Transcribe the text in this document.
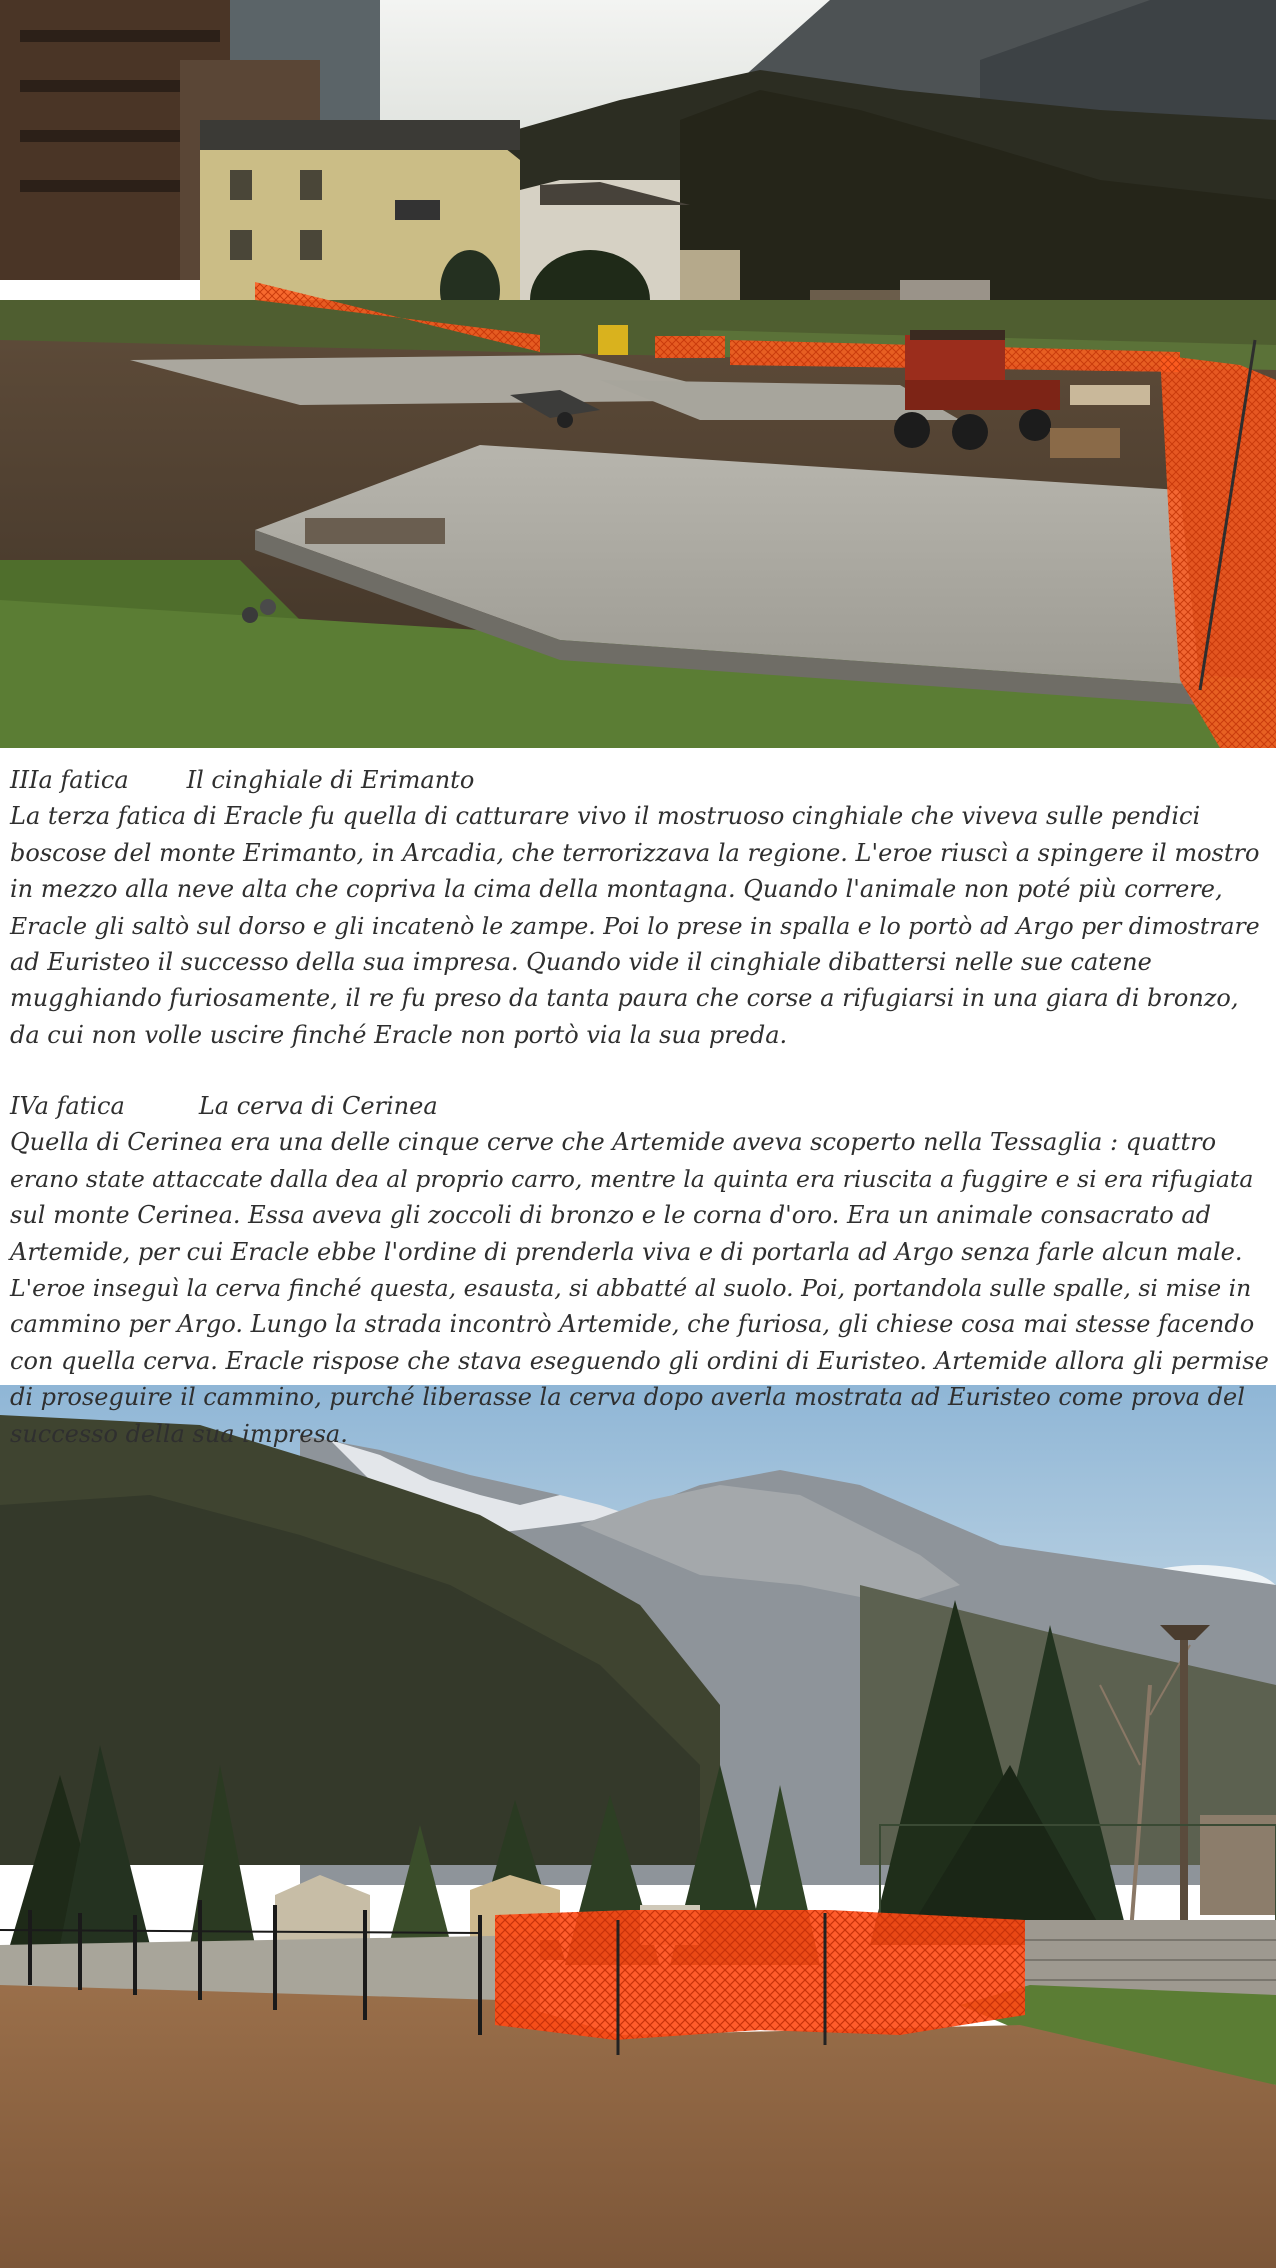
IIIa fatica Il cinghiale di Erimanto

La terza fatica di Eracle fu quella di catturare vivo il mostruoso cinghiale che viveva sulle pendici

boscose del monte Erimanto, in Arcadia, che terrorizzava la regione. L'eroe riuscì a spingere il mostro

in mezzo alla neve alta che copriva la cima della montagna. Quando l'animale non poté più correre,

Eracle gli saltò sul dorso e gli incatenò le zampe. Poi lo prese in spalla e lo portò ad Argo per dimostrare

ad Euristeo il successo della sua impresa. Quando vide il cinghiale dibattersi nelle sue catene

mugghiando furiosamente, il re fu preso da tanta paura che corse a rifugiarsi in una giara di bronzo,

da cui non volle uscire finché Eracle non portò via la sua preda.

IVa fatica	La cerva di Cerinea

Quella di Cerinea era una delle cinque cerve che Artemide aveva scoperto nella Tessaglia : quattro

erano state attaccate dalla dea al proprio carro, mentre la quinta era riuscita a fuggire e si era rifugiata

sul monte Cerinea. Essa aveva gli zoccoli di bronzo e le corna d'oro. Era un animale consacrato ad

Artemide, per cui Eracle ebbe l'ordine di prenderla viva e di portarla ad Argo senza farle alcun male.

L'eroe inseguì la cerva finché questa, esausta, si abbatté al suolo. Poi, portandola sulle spalle, si mise in

cammino per Argo. Lungo la strada incontrò Artemide, che furiosa, gli chiese cosa mai stesse facendo

con quella cerva. Eracle rispose che stava eseguendo gli ordini di Euristeo. Artemide allora gli permise

di proseguire il cammino, purché liberasse la cerva dopo averla mostrata ad Euristeo come prova del

successo della sua impresa.
